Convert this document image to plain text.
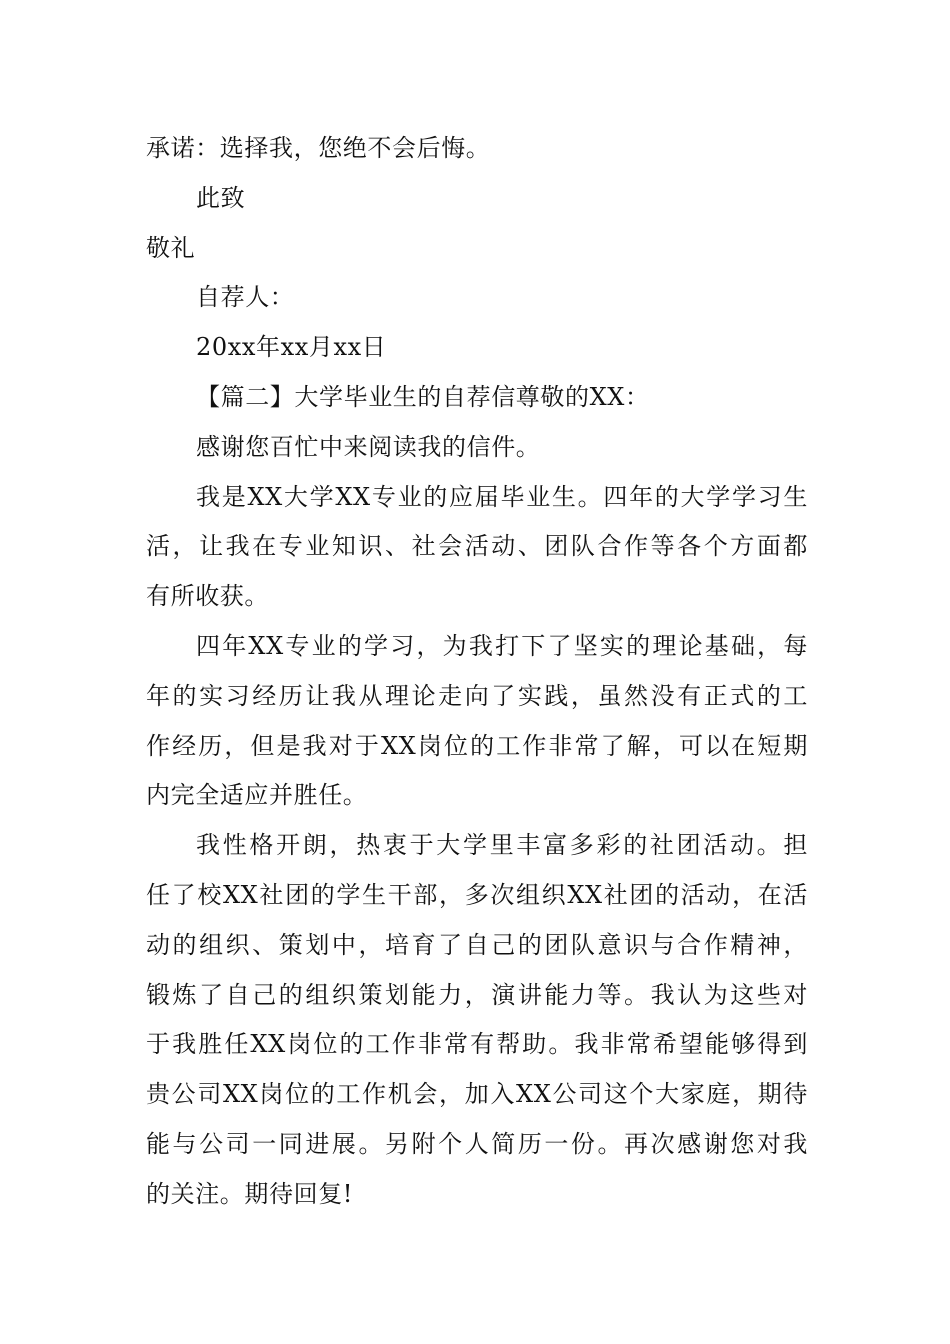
承诺：选择我，您绝不会后悔。
此致
敬礼
自荐人：
20xx年xx月xx日
【篇二】大学毕业生的自荐信尊敬的XX：
感谢您百忙中来阅读我的信件。
我是XX大学XX专业的应届毕业生。四年的大学学习生
活，让我在专业知识、社会活动、团队合作等各个方面都
有所收获。
四年XX专业的学习，为我打下了坚实的理论基础，每
年的实习经历让我从理论走向了实践，虽然没有正式的工
作经历，但是我对于XX岗位的工作非常了解，可以在短期
内完全适应并胜任。
我性格开朗，热衷于大学里丰富多彩的社团活动。担
任了校XX社团的学生干部，多次组织XX社团的活动，在活
动的组织、策划中，培育了自己的团队意识与合作精神，
锻炼了自己的组织策划能力，演讲能力等。我认为这些对
于我胜任XX岗位的工作非常有帮助。我非常希望能够得到
贵公司XX岗位的工作机会，加入XX公司这个大家庭，期待
能与公司一同进展。另附个人简历一份。再次感谢您对我
的关注。期待回复!
